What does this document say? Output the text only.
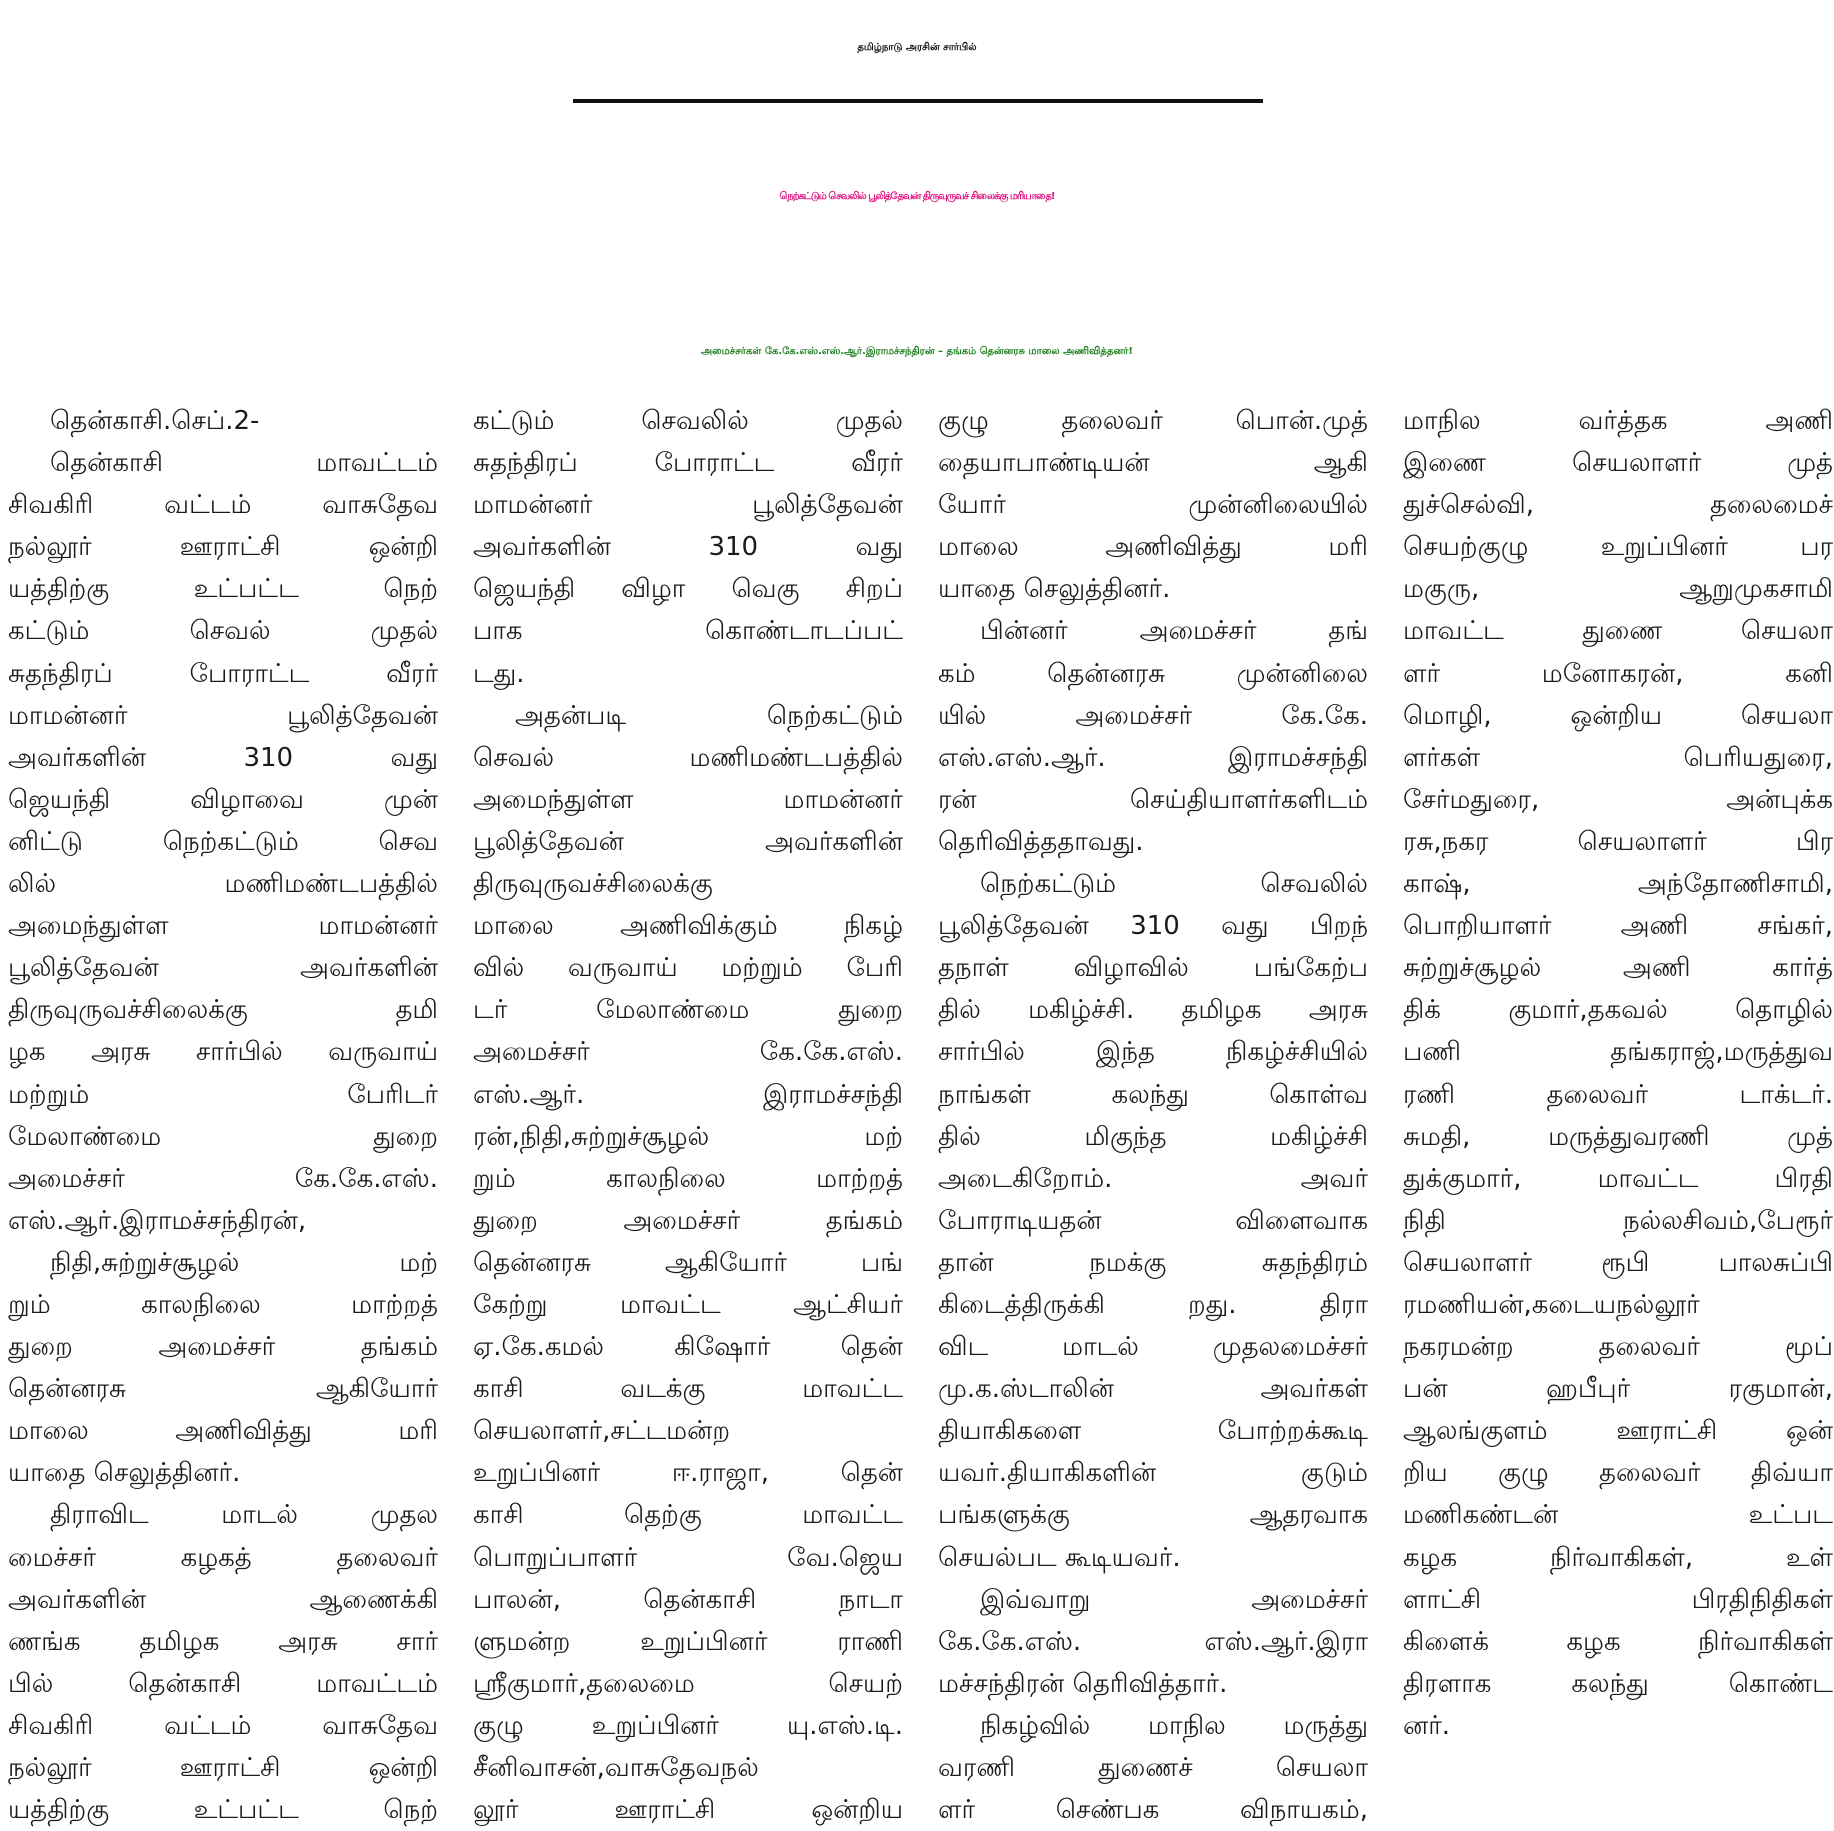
தமிழ்நாடு அரசின் சார்பில்
நெற்கட்டும் செவலில் பூலித்தேவன் திருவுருவச் சிலைக்கு மரியாதை!
அமைச்சர்கள் கே.கே.எஸ்.எஸ்.ஆர்.இராமச்சந்திரன் – தங்கம் தென்னரசு மாலை அணிவித்தனர்!
தென்காசி.செப்.2-
தென்காசி மாவட்டம்
சிவகிரி வட்டம் வாசுதேவ
நல்லூர் ஊராட்சி ஒன்றி
யத்திற்கு உட்பட்ட நெற்
கட்டும் செவல் முதல்
சுதந்திரப் போராட்ட வீரர்
மாமன்னர் பூலித்தேவன்
அவர்களின் 310 வது
ஜெயந்தி விழாவை முன்
னிட்டு நெற்கட்டும் செவ
லில் மணிமண்டபத்தில்
அமைந்துள்ள மாமன்னர்
பூலித்தேவன் அவர்களின்
திருவுருவச்சிலைக்கு தமி
ழக அரசு சார்பில் வருவாய்
மற்றும் பேரிடர்
மேலாண்மை துறை
அமைச்சர் கே.கே.எஸ்.
எஸ்.ஆர்.இராமச்சந்திரன்,
நிதி,சுற்றுச்சூழல் மற்
றும் காலநிலை மாற்றத்
துறை அமைச்சர் தங்கம்
தென்னரசு ஆகியோர்
மாலை அணிவித்து மரி
யாதை செலுத்தினர்.
திராவிட மாடல் முதல
மைச்சர் கழகத் தலைவர்
அவர்களின் ஆணைக்கி
ணங்க தமிழக அரசு சார்
பில் தென்காசி மாவட்டம்
சிவகிரி வட்டம் வாசுதேவ
நல்லூர் ஊராட்சி ஒன்றி
யத்திற்கு உட்பட்ட நெற்
கட்டும் செவலில் முதல்
சுதந்திரப் போராட்ட வீரர்
மாமன்னர் பூலித்தேவன்
அவர்களின் 310 வது
ஜெயந்தி விழா வெகு சிறப்
பாக கொண்டாடப்பட்
டது.
அதன்படி நெற்கட்டும்
செவல் மணிமண்டபத்தில்
அமைந்துள்ள மாமன்னர்
பூலித்தேவன் அவர்களின்
திருவுருவச்சிலைக்கு
மாலை அணிவிக்கும் நிகழ்
வில் வருவாய் மற்றும் பேரி
டர் மேலாண்மை துறை
அமைச்சர் கே.கே.எஸ்.
எஸ்.ஆர். இராமச்சந்தி
ரன்,நிதி,சுற்றுச்சூழல் மற்
றும் காலநிலை மாற்றத்
துறை அமைச்சர் தங்கம்
தென்னரசு ஆகியோர் பங்
கேற்று மாவட்ட ஆட்சியர்
ஏ.கே.கமல் கிஷோர் தென்
காசி வடக்கு மாவட்ட
செயலாளர்,சட்டமன்ற
உறுப்பினர் ஈ.ராஜா, தென்
காசி தெற்கு மாவட்ட
பொறுப்பாளர் வே.ஜெய
பாலன், தென்காசி நாடா
ளுமன்ற உறுப்பினர் ராணி
ஸ்ரீகுமார்,தலைமை செயற்
குழு உறுப்பினர் யு.எஸ்.டி.
சீனிவாசன்,வாசுதேவநல்
லூர் ஊராட்சி ஒன்றிய
குழு தலைவர் பொன்.முத்
தையாபாண்டியன் ஆகி
யோர் முன்னிலையில்
மாலை அணிவித்து மரி
யாதை செலுத்தினர்.
பின்னர் அமைச்சர் தங்
கம் தென்னரசு முன்னிலை
யில் அமைச்சர் கே.கே.
எஸ்.எஸ்.ஆர். இராமச்சந்தி
ரன் செய்தியாளர்களிடம்
தெரிவித்ததாவது.
நெற்கட்டும் செவலில்
பூலித்தேவன் 310 வது பிறந்
தநாள் விழாவில் பங்கேற்ப
தில் மகிழ்ச்சி. தமிழக அரசு
சார்பில் இந்த நிகழ்ச்சியில்
நாங்கள் கலந்து கொள்வ
தில் மிகுந்த மகிழ்ச்சி
அடைகிறோம். அவர்
போராடியதன் விளைவாக
தான் நமக்கு சுதந்திரம்
கிடைத்திருக்கி றது. திரா
விட மாடல் முதலமைச்சர்
மு.க.ஸ்டாலின் அவர்கள்
தியாகிகளை போற்றக்கூடி
யவர்.தியாகிகளின் குடும்
பங்களுக்கு ஆதரவாக
செயல்பட கூடியவர்.
இவ்வாறு அமைச்சர்
கே.கே.எஸ். எஸ்.ஆர்.இரா
மச்சந்திரன் தெரிவித்தார்.
நிகழ்வில் மாநில மருத்து
வரணி துணைச் செயலா
ளர் செண்பக விநாயகம்,
மாநில வர்த்தக அணி
இணை செயலாளர் முத்
துச்செல்வி, தலைமைச்
செயற்குழு உறுப்பினர் பர
மகுரு, ஆறுமுகசாமி
மாவட்ட துணை செயலா
ளர் மனோகரன், கனி
மொழி, ஒன்றிய செயலா
ளர்கள் பெரியதுரை,
சேர்மதுரை, அன்புக்க
ரசு,நகர செயலாளர் பிர
காஷ், அந்தோணிசாமி,
பொறியாளர் அணி சங்கர்,
சுற்றுச்சூழல் அணி கார்த்
திக் குமார்,தகவல் தொழில்
பணி தங்கராஜ்,மருத்துவ
ரணி தலைவர் டாக்டர்.
சுமதி, மருத்துவரணி முத்
துக்குமார், மாவட்ட பிரதி
நிதி நல்லசிவம்,பேரூர்
செயலாளர் ரூபி பாலசுப்பி
ரமணியன்,கடையநல்லூர்
நகரமன்ற தலைவர் மூப்
பன் ஹபீபுர் ரகுமான்,
ஆலங்குளம் ஊராட்சி ஒன்
றிய குழு தலைவர் திவ்யா
மணிகண்டன் உட்பட
கழக நிர்வாகிகள், உள்
ளாட்சி பிரதிநிதிகள்
கிளைக் கழக நிர்வாகிகள்
திரளாக கலந்து கொண்ட
னர்.
